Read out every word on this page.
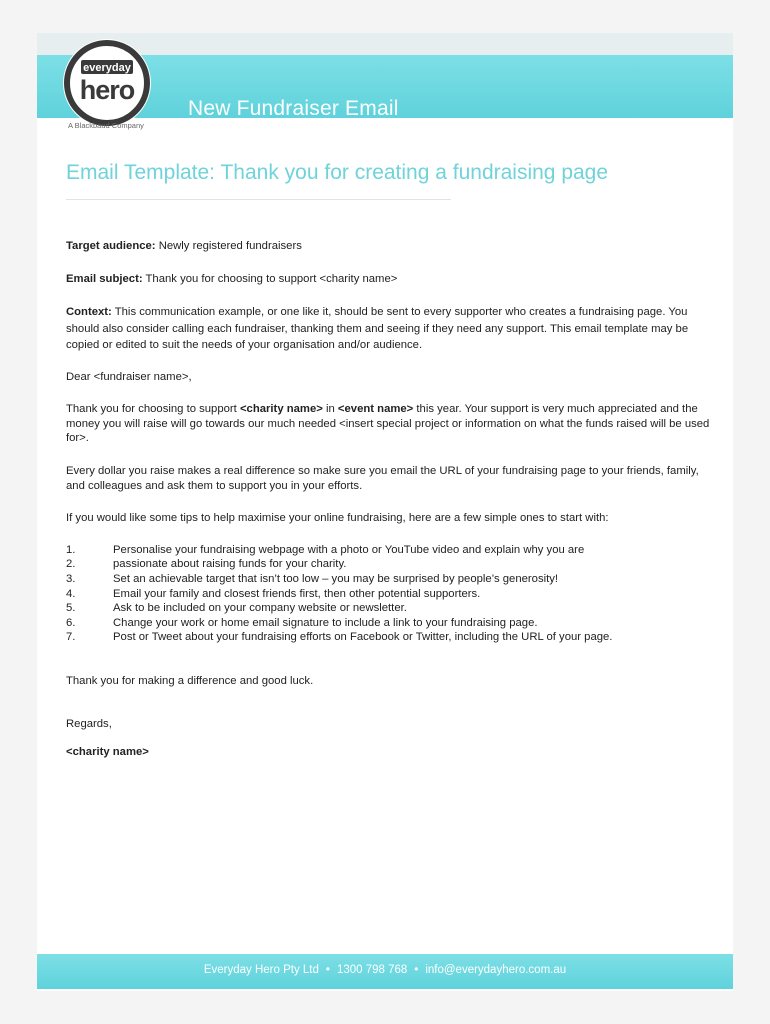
New Fundraiser Email
everyday
hero
A Blackbaud Company
Email Template: Thank you for creating a fundraising page

Target audience: Newly registered fundraisers

Email subject: Thank you for choosing to support <charity name>

Context: This communication example, or one like it, should be sent to every supporter who creates a fundraising page. You should also consider calling each fundraiser, thanking them and seeing if they need any support. This email template may be copied or edited to suit the needs of your organisation and/or audience.

Dear <fundraiser name>,

Thank you for choosing to support <charity name> in <event name> this year. Your support is very much appreciated and the money you will raise will go towards our much needed <insert special project or information on what the funds raised will be used for>.

Every dollar you raise makes a real difference so make sure you email the URL of your fundraising page to your friends, family, and colleagues and ask them to support you in your efforts.

If you would like some tips to help maximise your online fundraising, here are a few simple ones to start with:

1.	Personalise your fundraising webpage with a photo or YouTube video and explain why you are
2.	passionate about raising funds for your charity.
3.	Set an achievable target that isn’t too low – you may be surprised by people’s generosity!
4.	Email your family and closest friends first, then other potential supporters.
5.	Ask to be included on your company website or newsletter.
6.	Change your work or home email signature to include a link to your fundraising page.
7.	Post or Tweet about your fundraising efforts on Facebook or Twitter, including the URL of your page.

Thank you for making a difference and good luck.

Regards,

<charity name>

Everyday Hero Pty Ltd • 1300 798 768 • info@everydayhero.com.au
